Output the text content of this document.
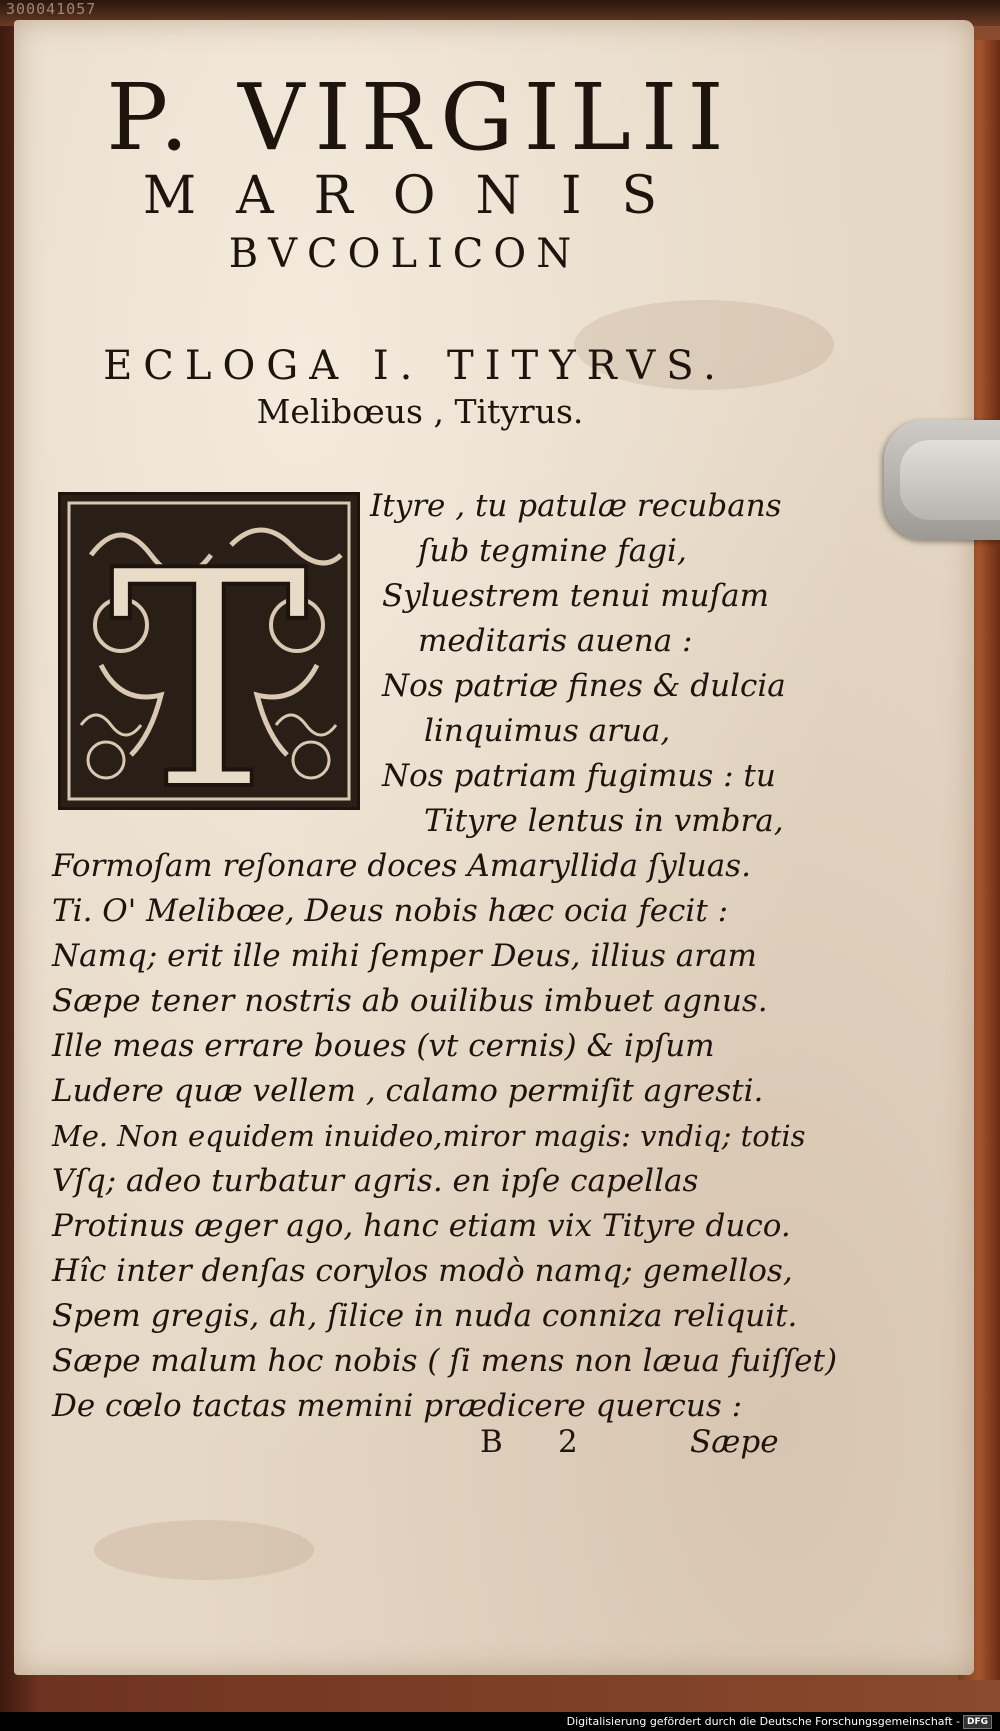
300041057
P. VIRGILII
MARONIS
BVCOLICON
ECLOGA I. TITYRVS.
Melibœus , Tityrus.
T

Ityre , tu patulæ recubans

ſub tegmine fagi,

Syluestrem tenui muſam

meditaris auena :

Nos patriæ fines & dulcia

linquimus arua,

Nos patriam fugimus : tu

Tityre lentus in vmbra,

Formoſam reſonare doces Amaryllida ſyluas.

Ti. O' Melibœe, Deus nobis hæc ocia fecit :

Namq; erit ille mihi ſemper Deus, illius aram

Sæpe tener nostris ab ouilibus imbuet agnus.

Ille meas errare boues (vt cernis) & ipſum

Ludere quæ vellem , calamo permiſit agresti.

Me. Non equidem inuideo,miror magis: vndiq; totis

Vſq; adeo turbatur agris. en ipſe capellas

Protinus æger ago, hanc etiam vix Tityre duco.

Hîc inter denſas corylos modò namq; gemellos,

Spem gregis, ah, ſilice in nuda conniza reliquit.

Sæpe malum hoc nobis ( ſi mens non læua fuiſſet)

De cœlo tactas memini prædicere quercus :

B 2	Sæpe
Digitalisierung gefördert durch die Deutsche Forschungsgemeinschaft - DFG
